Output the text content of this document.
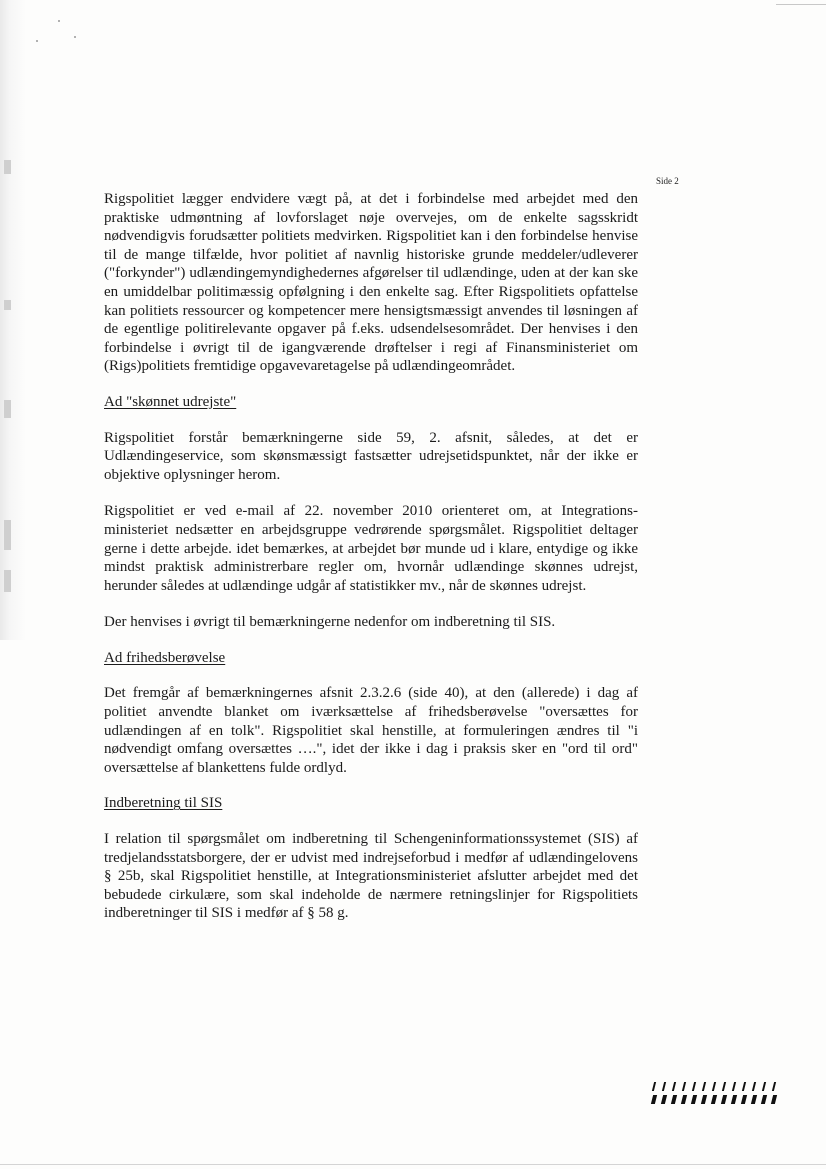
Side 2

Rigspolitiet lægger endvidere vægt på, at det i forbindelse med arbejdet med den praktiske udmøntning af lovforslaget nøje overvejes, om de enkelte sagsskridt nødvendigvis forudsætter politiets medvirken. Rigspolitiet kan i den forbindelse henvise til de mange tilfælde, hvor politiet af navnlig historiske grunde meddeler/udleverer ("forkynder") udlændingemyndighedernes afgørelser til udlændinge, uden at der kan ske en umiddelbar politimæssig opfølgning i den enkelte sag. Efter Rigspolitiets opfattelse kan politiets ressourcer og kompetencer mere hensigtsmæssigt anvendes til løsningen af de egentlige politirelevante opgaver på f.eks. udsendelsesområdet. Der henvises i den forbindelse i øvrigt til de igangværende drøftelser i regi af Finansministeriet om (Rigs)politiets fremtidige opgavevaretagelse på udlændingeområdet.

Ad "skønnet udrejste"

Rigspolitiet forstår bemærkningerne side 59, 2. afsnit, således, at det er Udlændingeservice, som skønsmæssigt fastsætter udrejsetidspunktet, når der ikke er objektive oplysninger herom.

Rigspolitiet er ved e-mail af 22. november 2010 orienteret om, at Integrations-ministeriet nedsætter en arbejdsgruppe vedrørende spørgsmålet. Rigspolitiet deltager gerne i dette arbejde. idet bemærkes, at arbejdet bør munde ud i klare, entydige og ikke mindst praktisk administrerbare regler om, hvornår udlændinge skønnes udrejst, herunder således at udlændinge udgår af statistikker mv., når de skønnes udrejst.

Der henvises i øvrigt til bemærkningerne nedenfor om indberetning til SIS.

Ad frihedsberøvelse

Det fremgår af bemærkningernes afsnit 2.3.2.6 (side 40), at den (allerede) i dag af politiet anvendte blanket om iværksættelse af frihedsberøvelse "oversættes for udlændingen af en tolk". Rigspolitiet skal henstille, at formuleringen ændres til "i nødvendigt omfang oversættes ….", idet der ikke i dag i praksis sker en "ord til ord" oversættelse af blankettens fulde ordlyd.

Indberetning til SIS

I relation til spørgsmålet om indberetning til Schengeninformationssystemet (SIS) af tredjelandsstatsborgere, der er udvist med indrejseforbud i medfør af udlændingelovens § 25b, skal Rigspolitiet henstille, at Integrationsministeriet afslutter arbejdet med det bebudede cirkulære, som skal indeholde de nærmere retningslinjer for Rigspolitiets indberetninger til SIS i medfør af § 58 g.
